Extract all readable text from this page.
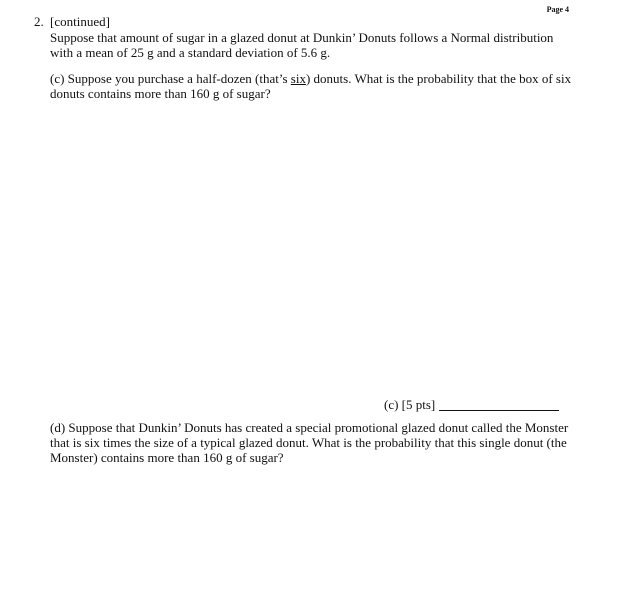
Page 4
2. [continued]
Suppose that amount of sugar in a glazed donut at Dunkin’ Donuts follows a Normal distribution with a mean of 25 g and a standard deviation of 5.6 g.
(c) Suppose you purchase a half-dozen (that’s six) donuts. What is the probability that the box of six donuts contains more than 160 g of sugar?
(c) [5 pts]
(d) Suppose that Dunkin’ Donuts has created a special promotional glazed donut called the Monster that is six times the size of a typical glazed donut. What is the probability that this single donut (the Monster) contains more than 160 g of sugar?
